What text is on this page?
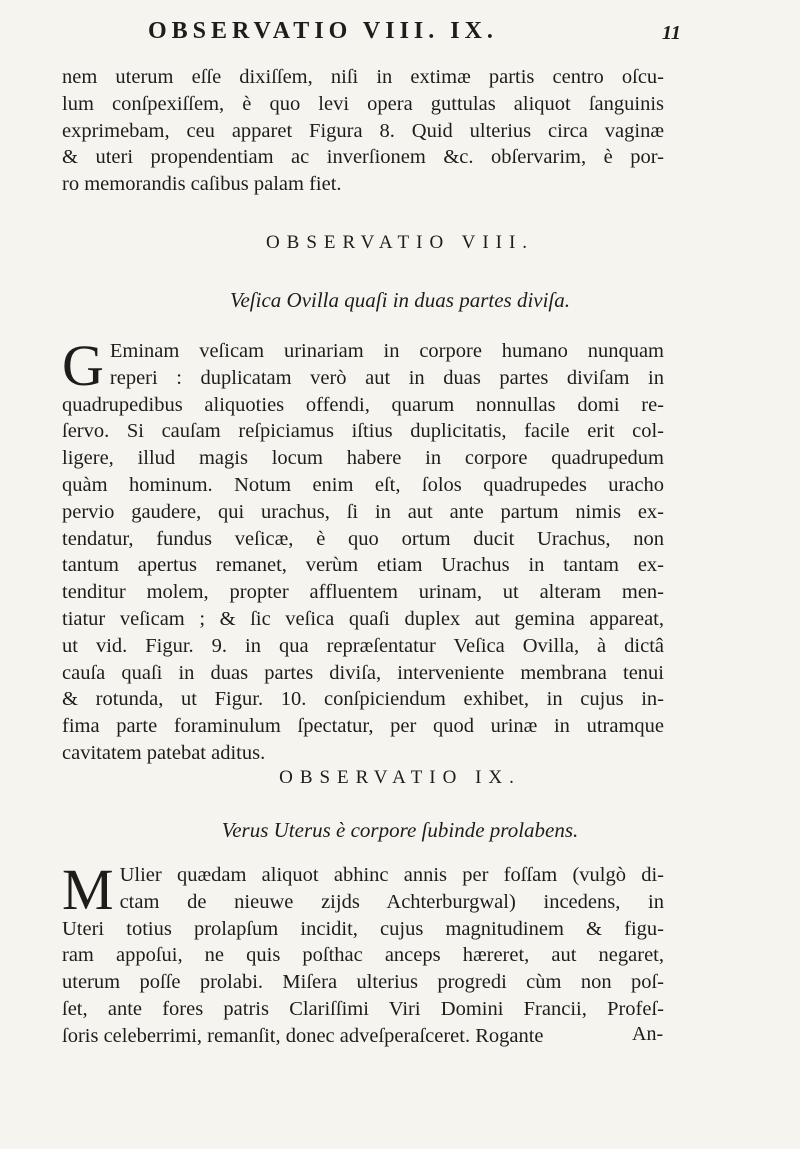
OBSERVATIO VIII. IX.	11
nem uterum eſſe dixiſſem, niſi in extimæ partis centro oſcu-
lum conſpexiſſem, è quo levi opera guttulas aliquot ſanguinis
exprimebam, ceu apparet Figura 8. Quid ulterius circa vaginæ
& uteri propendentiam ac inverſionem &c. obſervarim, è por-
ro memorandis caſibus palam fiet.
OBSERVATIO VIII.
Veſica Ovilla quaſi in duas partes diviſa.
G Eminam veſicam urinariam in corpore humano nunquam
reperi : duplicatam verò aut in duas partes diviſam in
quadrupedibus aliquoties offendi, quarum nonnullas domi re-
ſervo. Si cauſam reſpiciamus iſtius duplicitatis, facile erit col-
ligere, illud magis locum habere in corpore quadrupedum
quàm hominum. Notum enim eſt, ſolos quadrupedes uracho
pervio gaudere, qui urachus, ſi in aut ante partum nimis ex-
tendatur, fundus veſicæ, è quo ortum ducit Urachus, non
tantum apertus remanet, verùm etiam Urachus in tantam ex-
tenditur molem, propter affluentem urinam, ut alteram men-
tiatur veſicam ; & ſic veſica quaſi duplex aut gemina appareat,
ut vid. Figur. 9. in qua repræſentatur Veſica Ovilla, à dictâ
cauſa quaſi in duas partes diviſa, interveniente membrana tenui
& rotunda, ut Figur. 10. conſpiciendum exhibet, in cujus in-
fima parte foraminulum ſpectatur, per quod urinæ in utramque
cavitatem patebat aditus.
OBSERVATIO IX.
Verus Uterus è corpore ſubinde prolabens.
M Ulier quædam aliquot abhinc annis per foſſam (vulgò di-
ctam de nieuwe zijds Achterburgwal) incedens, in
Uteri totius prolapſum incidit, cujus magnitudinem & figu-
ram appoſui, ne quis poſthac anceps hæreret, aut negaret,
uterum poſſe prolabi. Miſera ulterius progredi cùm non poſ-
ſet, ante fores patris Clariſſimi Viri Domini Francii, Profeſ-
ſoris celeberrimi, remanſit, donec adveſperaſceret. Rogante	An-
